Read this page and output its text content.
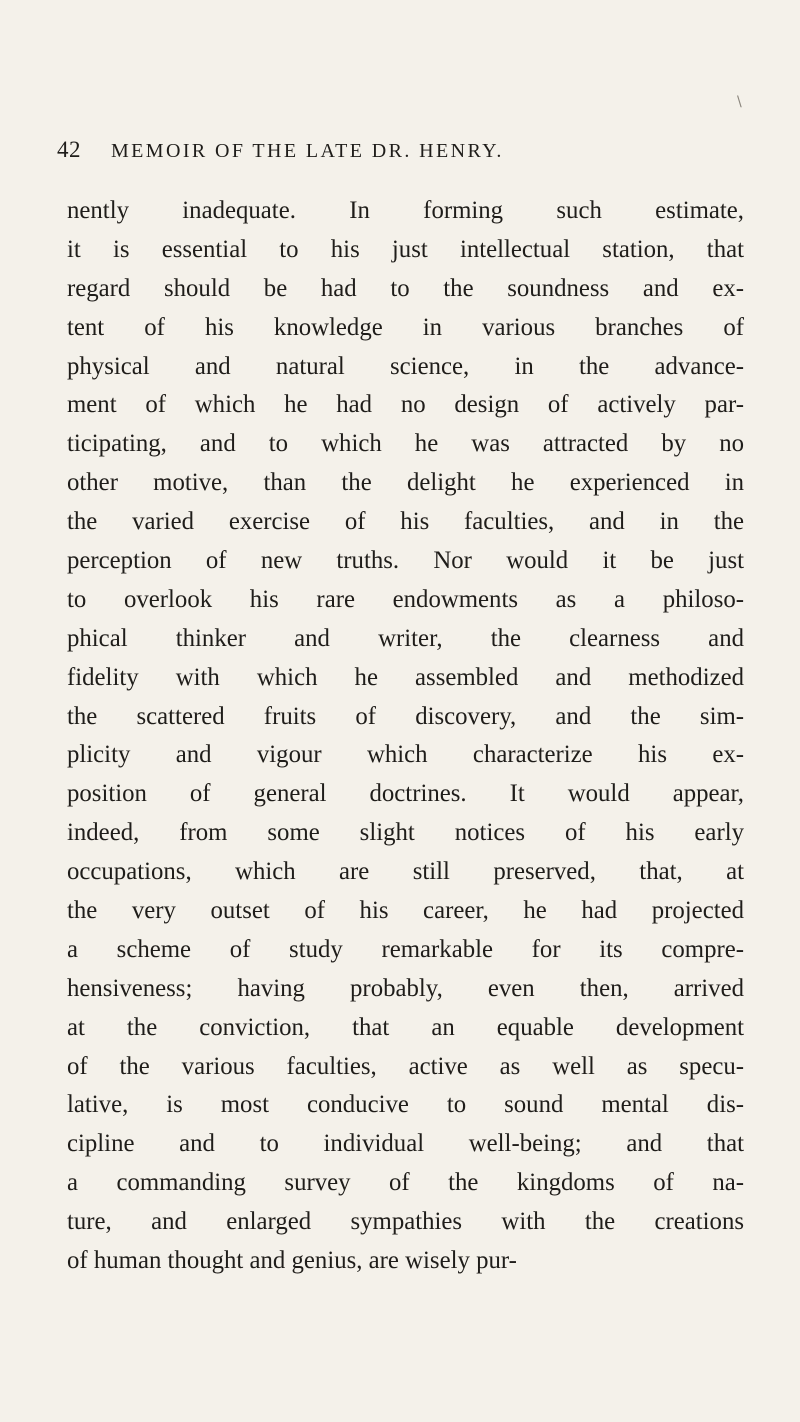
\
42	MEMOIR OF THE LATE DR. HENRY.

nently inadequate. In forming such estimate,
it is essential to his just intellectual station, that
regard should be had to the soundness and ex-
tent of his knowledge in various branches of
physical and natural science, in the advance-
ment of which he had no design of actively par-
ticipating, and to which he was attracted by no
other motive, than the delight he experienced in
the varied exercise of his faculties, and in the
perception of new truths. Nor would it be just
to overlook his rare endowments as a philoso-
phical thinker and writer, the clearness and
fidelity with which he assembled and methodized
the scattered fruits of discovery, and the sim-
plicity and vigour which characterize his ex-
position of general doctrines. It would appear,
indeed, from some slight notices of his early
occupations, which are still preserved, that, at
the very outset of his career, he had projected
a scheme of study remarkable for its compre-
hensiveness; having probably, even then, arrived
at the conviction, that an equable development
of the various faculties, active as well as specu-
lative, is most conducive to sound mental dis-
cipline and to individual well-being; and that
a commanding survey of the kingdoms of na-
ture, and enlarged sympathies with the creations
of human thought and genius, are wisely pur-
